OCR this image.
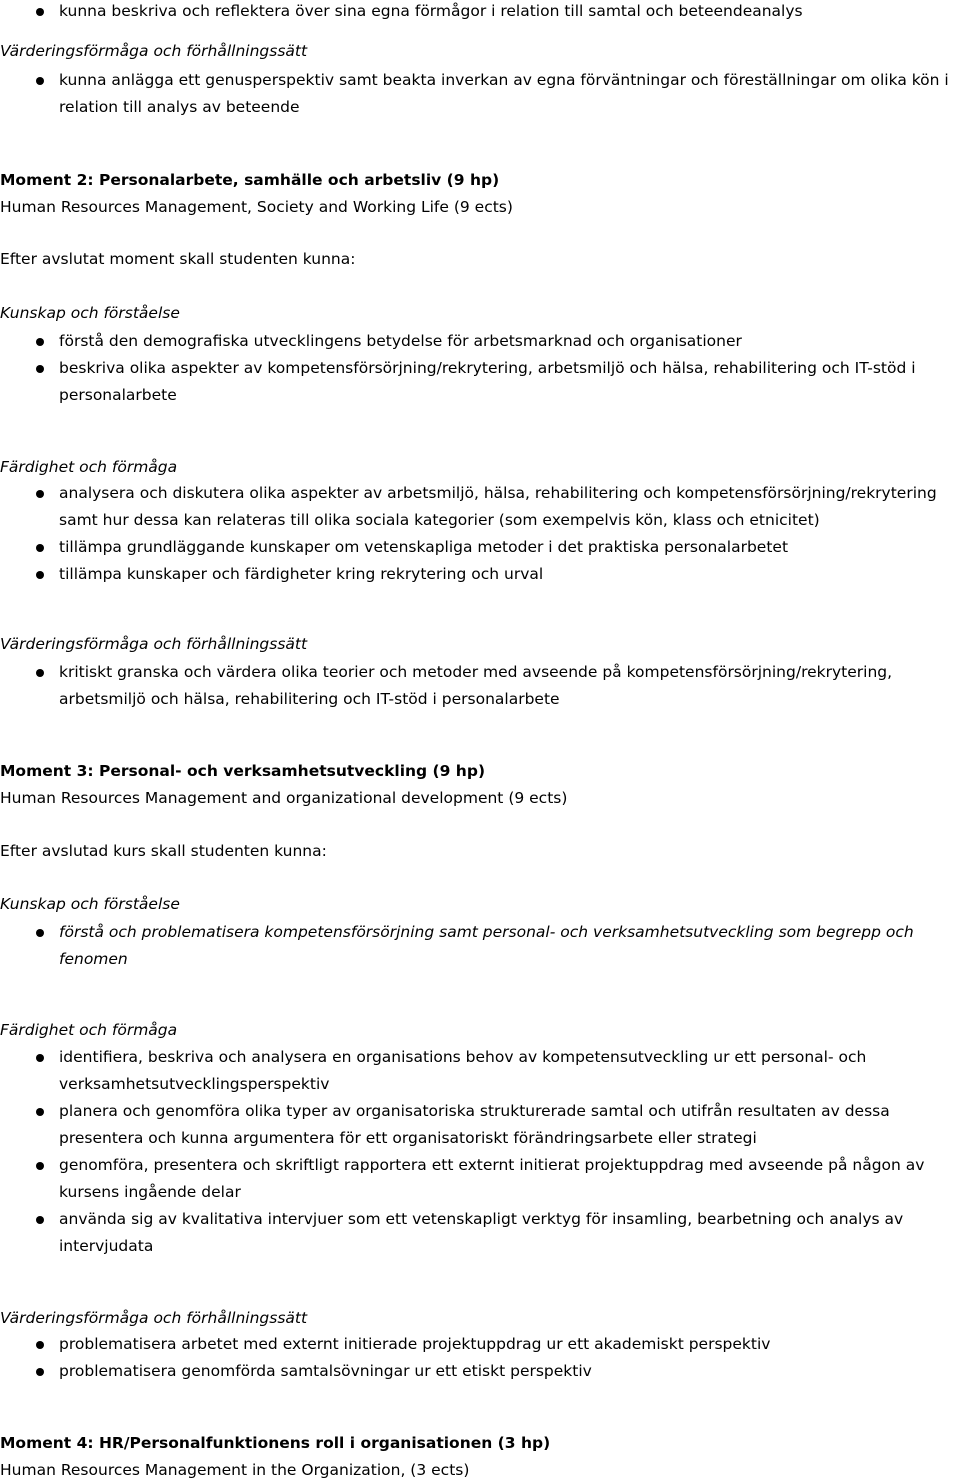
kunna beskriva och reflektera över sina egna förmågor i relation till samtal och beteendeanalys
Värderingsförmåga och förhållningssätt
kunna anlägga ett genusperspektiv samt beakta inverkan av egna förväntningar och föreställningar om olika kön i
relation till analys av beteende
Moment 2: Personalarbete, samhälle och arbetsliv (9 hp)
Human Resources Management, Society and Working Life (9 ects)
Efter avslutat moment skall studenten kunna:
Kunskap och förståelse
förstå den demografiska utvecklingens betydelse för arbetsmarknad och organisationer
beskriva olika aspekter av kompetensförsörjning/rekrytering, arbetsmiljö och hälsa, rehabilitering och IT-stöd i
personalarbete
Färdighet och förmåga
analysera och diskutera olika aspekter av arbetsmiljö, hälsa, rehabilitering och kompetensförsörjning/rekrytering
samt hur dessa kan relateras till olika sociala kategorier (som exempelvis kön, klass och etnicitet)
tillämpa grundläggande kunskaper om vetenskapliga metoder i det praktiska personalarbetet
tillämpa kunskaper och färdigheter kring rekrytering och urval
Värderingsförmåga och förhållningssätt
kritiskt granska och värdera olika teorier och metoder med avseende på kompetensförsörjning/rekrytering,
arbetsmiljö och hälsa, rehabilitering och IT-stöd i personalarbete
Moment 3: Personal- och verksamhetsutveckling (9 hp)
Human Resources Management and organizational development (9 ects)
Efter avslutad kurs skall studenten kunna:
Kunskap och förståelse
förstå och problematisera kompetensförsörjning samt personal- och verksamhetsutveckling som begrepp och
fenomen
Färdighet och förmåga
identifiera, beskriva och analysera en organisations behov av kompetensutveckling ur ett personal- och
verksamhetsutvecklingsperspektiv
planera och genomföra olika typer av organisatoriska strukturerade samtal och utifrån resultaten av dessa
presentera och kunna argumentera för ett organisatoriskt förändringsarbete eller strategi
genomföra, presentera och skriftligt rapportera ett externt initierat projektuppdrag med avseende på någon av
kursens ingående delar
använda sig av kvalitativa intervjuer som ett vetenskapligt verktyg för insamling, bearbetning och analys av
intervjudata
Värderingsförmåga och förhållningssätt
problematisera arbetet med externt initierade projektuppdrag ur ett akademiskt perspektiv
problematisera genomförda samtalsövningar ur ett etiskt perspektiv
Moment 4: HR/Personalfunktionens roll i organisationen (3 hp)
Human Resources Management in the Organization, (3 ects)
